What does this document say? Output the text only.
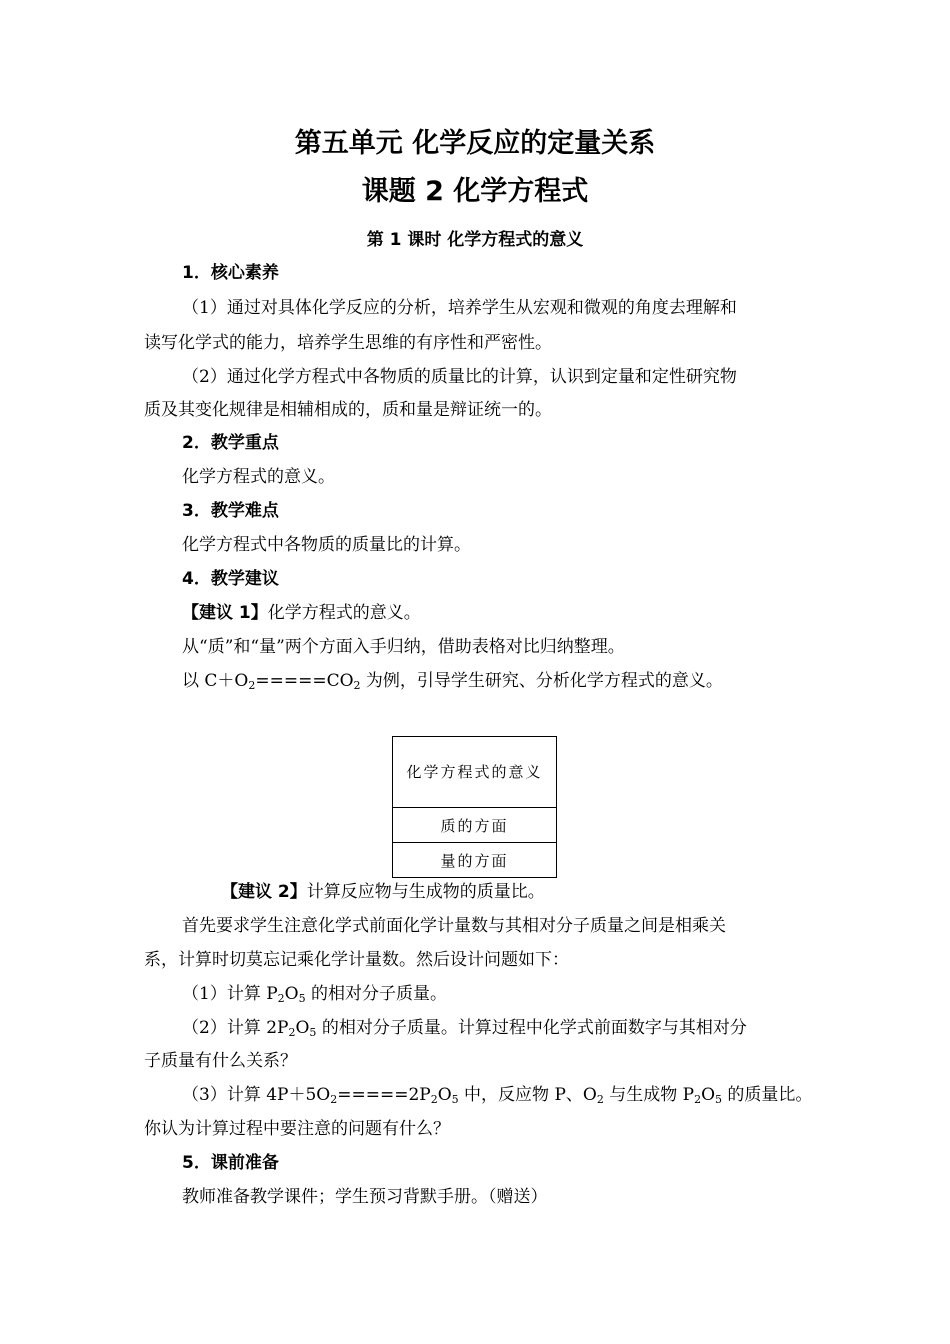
第五单元 化学反应的定量关系
课题 2 化学方程式
第 1 课时 化学方程式的意义
1．核心素养
（1）通过对具体化学反应的分析，培养学生从宏观和微观的角度去理解和
读写化学式的能力，培养学生思维的有序性和严密性。
（2）通过化学方程式中各物质的质量比的计算，认识到定量和定性研究物
质及其变化规律是相辅相成的，质和量是辩证统一的。
2．教学重点
化学方程式的意义。
3．教学难点
化学方程式中各物质的质量比的计算。
4．教学建议
【建议 1】化学方程式的意义。
从“质”和“量”两个方面入手归纳，借助表格对比归纳整理。
以 $C+O_2=====CO_2$ 为例，引导学生研究、分析化学方程式的意义。
化学方程式的意义
质的方面
量的方面
【建议 2】计算反应物与生成物的质量比。
首先要求学生注意化学式前面化学计量数与其相对分子质量之间是相乘关
系，计算时切莫忘记乘化学计量数。然后设计问题如下：
（1）计算 $P_2O_5$ 的相对分子质量。
（2）计算 $2P_2O_5$ 的相对分子质量。计算过程中化学式前面数字与其相对分
子质量有什么关系？
（3）计算 $4P+5O_2=====2P_2O_5$ 中，反应物 P、$O_2$ 与生成物 $P_2O_5$ 的质量比。
你认为计算过程中要注意的问题有什么？
5．课前准备
教师准备教学课件；学生预习背默手册。（赠送）
